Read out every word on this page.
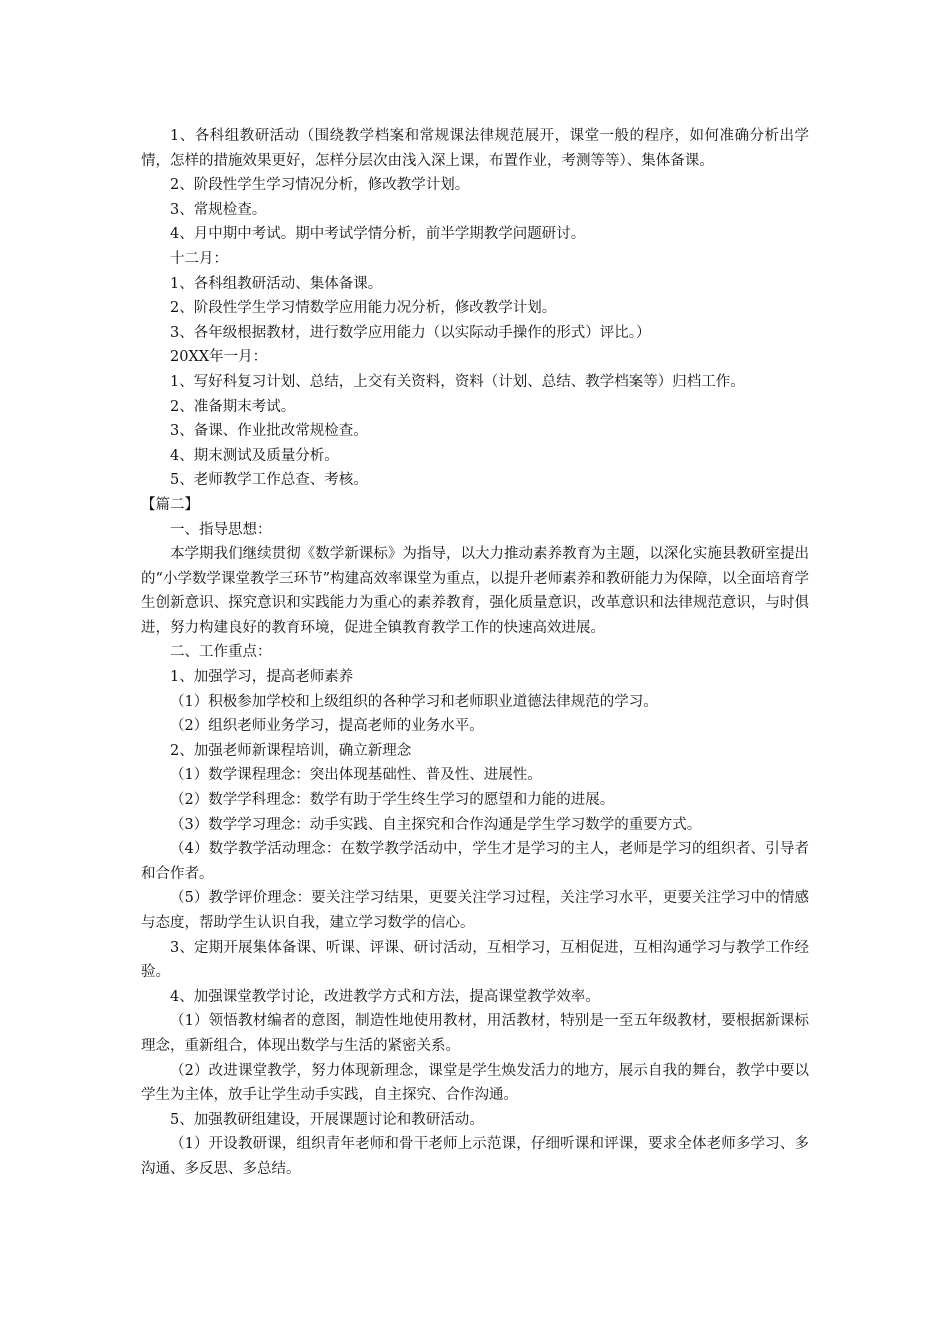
1、各科组教研活动（围绕教学档案和常规课法律规范展开，课堂一般的程序，如何准确分析出学情，怎样的措施效果更好，怎样分层次由浅入深上课，布置作业，考测等等）、集体备课。

2、阶段性学生学习情况分析，修改教学计划。

3、常规检查。

4、月中期中考试。期中考试学情分析，前半学期教学问题研讨。

十二月：

1、各科组教研活动、集体备课。

2、阶段性学生学习情数学应用能力况分析，修改教学计划。

3、各年级根据教材，进行数学应用能力（以实际动手操作的形式）评比。）

20XX年一月：

1、写好科复习计划、总结，上交有关资料，资料（计划、总结、教学档案等）归档工作。

2、准备期末考试。

3、备课、作业批改常规检查。

4、期末测试及质量分析。

5、老师教学工作总查、考核。

【篇二】

一、指导思想：

本学期我们继续贯彻《数学新课标》为指导，以大力推动素养教育为主题，以深化实施县教研室提出的“小学数学课堂教学三环节”构建高效率课堂为重点，以提升老师素养和教研能力为保障，以全面培育学生创新意识、探究意识和实践能力为重心的素养教育，强化质量意识，改革意识和法律规范意识，与时俱进，努力构建良好的教育环境，促进全镇教育教学工作的快速高效进展。

二、工作重点：

1、加强学习，提高老师素养

（1）积极参加学校和上级组织的各种学习和老师职业道德法律规范的学习。

（2）组织老师业务学习，提高老师的业务水平。

2、加强老师新课程培训，确立新理念

（1）数学课程理念：突出体现基础性、普及性、进展性。

（2）数学学科理念：数学有助于学生终生学习的愿望和力能的进展。

（3）数学学习理念：动手实践、自主探究和合作沟通是学生学习数学的重要方式。

（4）数学教学活动理念：在数学教学活动中，学生才是学习的主人，老师是学习的组织者、引导者和合作者。

（5）教学评价理念：要关注学习结果，更要关注学习过程，关注学习水平，更要关注学习中的情感与态度，帮助学生认识自我，建立学习数学的信心。

3、定期开展集体备课、听课、评课、研讨活动，互相学习，互相促进，互相沟通学习与教学工作经验。

4、加强课堂教学讨论，改进教学方式和方法，提高课堂教学效率。

（1）领悟教材编者的意图，制造性地使用教材，用活教材，特别是一至五年级教材，要根据新课标理念，重新组合，体现出数学与生活的紧密关系。

（2）改进课堂教学，努力体现新理念，课堂是学生焕发活力的地方，展示自我的舞台，教学中要以学生为主体，放手让学生动手实践，自主探究、合作沟通。

5、加强教研组建设，开展课题讨论和教研活动。

（1）开设教研课，组织青年老师和骨干老师上示范课，仔细听课和评课，要求全体老师多学习、多沟通、多反思、多总结。
